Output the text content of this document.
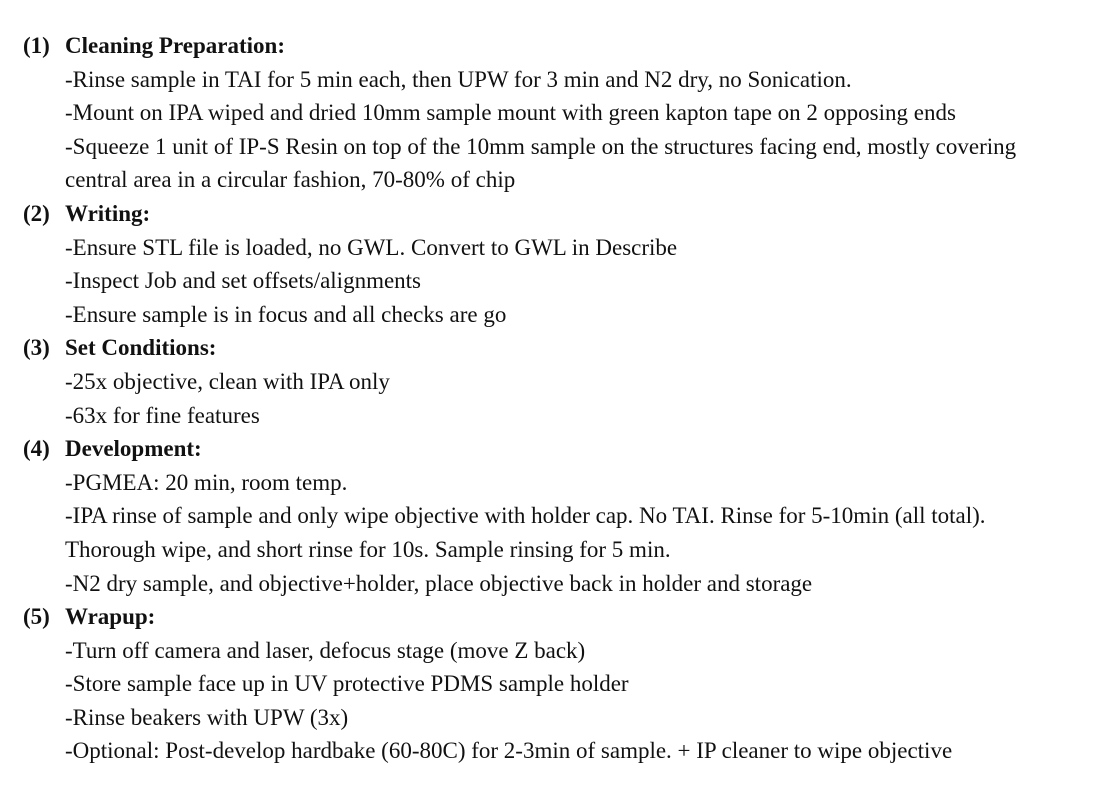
(1) Cleaning Preparation:
-Rinse sample in TAI for 5 min each, then UPW for 3 min and N2 dry, no Sonication.
-Mount on IPA wiped and dried 10mm sample mount with green kapton tape on 2 opposing ends
-Squeeze 1 unit of IP-S Resin on top of the 10mm sample on the structures facing end, mostly covering central area in a circular fashion, 70-80% of chip
(2) Writing:
-Ensure STL file is loaded, no GWL. Convert to GWL in Describe
-Inspect Job and set offsets/alignments
-Ensure sample is in focus and all checks are go
(3) Set Conditions:
-25x objective, clean with IPA only
-63x for fine features
(4) Development:
-PGMEA: 20 min, room temp.
-IPA rinse of sample and only wipe objective with holder cap. No TAI. Rinse for 5-10min (all total). Thorough wipe, and short rinse for 10s. Sample rinsing for 5 min.
-N2 dry sample, and objective+holder, place objective back in holder and storage
(5) Wrapup:
-Turn off camera and laser, defocus stage (move Z back)
-Store sample face up in UV protective PDMS sample holder
-Rinse beakers with UPW (3x)
-Optional: Post-develop hardbake (60-80C) for 2-3min of sample. + IP cleaner to wipe objective
